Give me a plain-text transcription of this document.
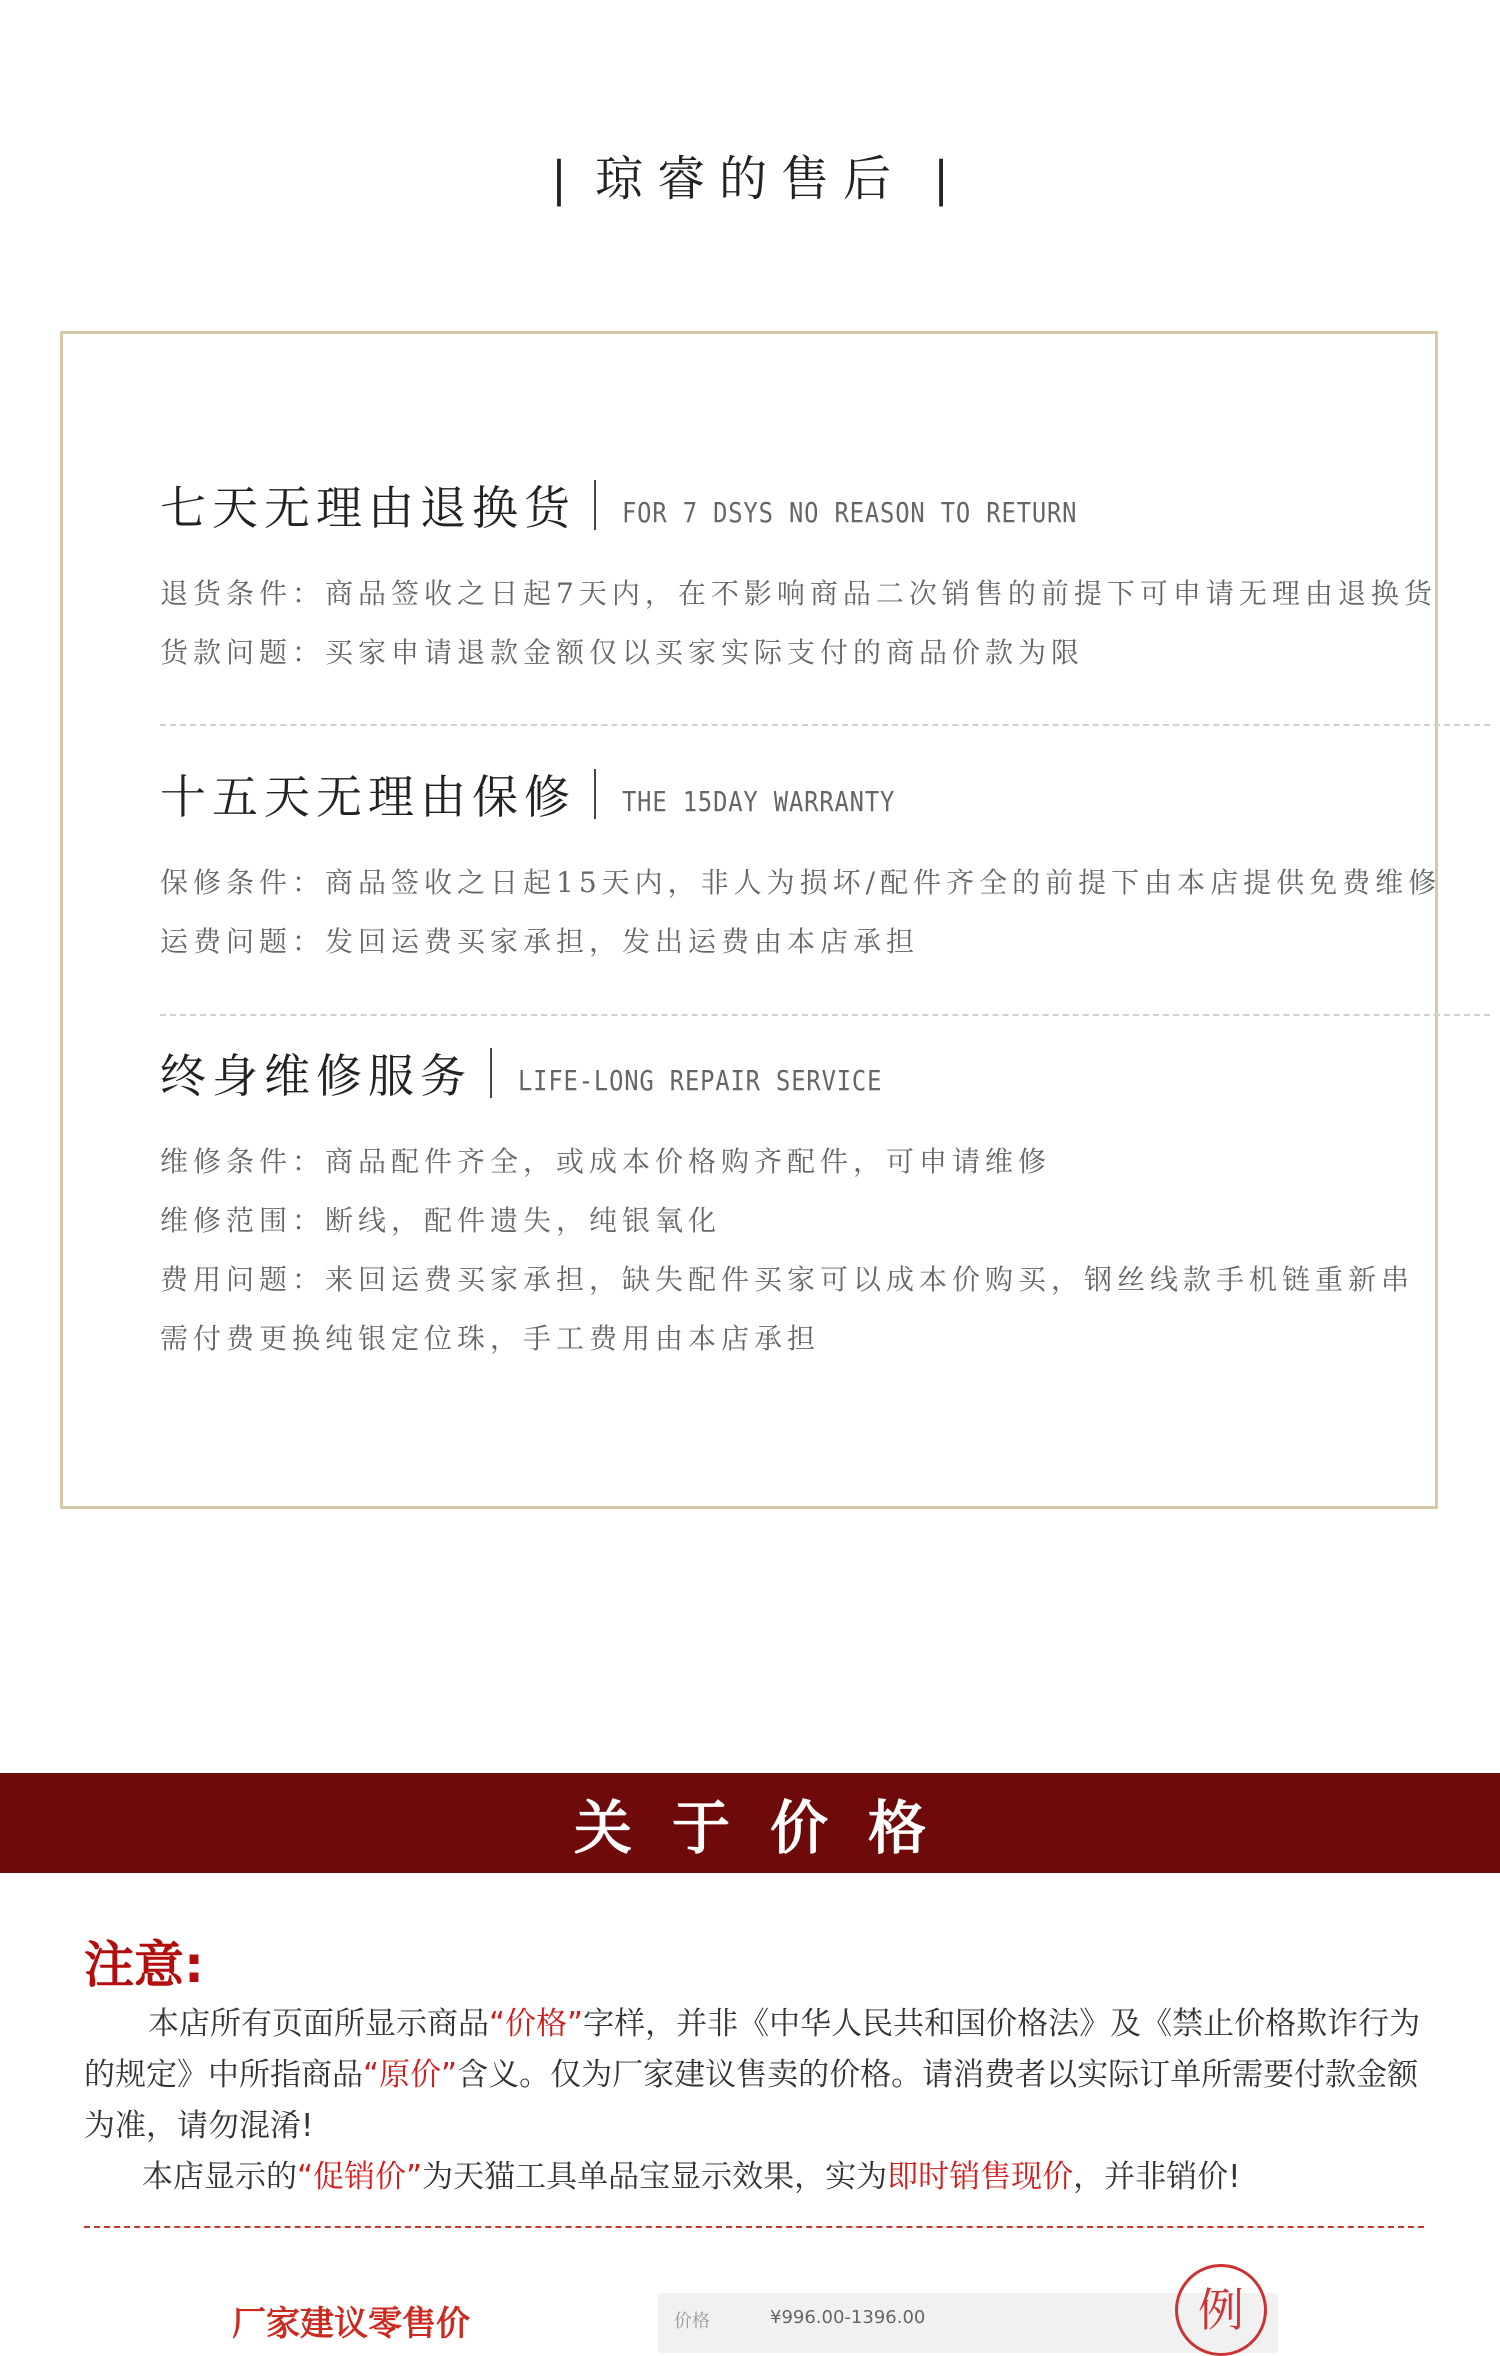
| 琼睿的售后 |
七天无理由退换货 FOR 7 DSYS NO REASON TO RETURN
退货条件：商品签收之日起7天内，在不影响商品二次销售的前提下可申请无理由退换货
货款问题：买家申请退款金额仅以买家实际支付的商品价款为限
十五天无理由保修 THE 15DAY WARRANTY
保修条件：商品签收之日起15天内，非人为损坏/配件齐全的前提下由本店提供免费维修
运费问题：发回运费买家承担，发出运费由本店承担
终身维修服务 LIFE-LONG REPAIR SERVICE
维修条件：商品配件齐全，或成本价格购齐配件，可申请维修
维修范围：断线，配件遗失，纯银氧化
费用问题：来回运费买家承担，缺失配件买家可以成本价购买，钢丝线款手机链重新串
需付费更换纯银定位珠，手工费用由本店承担
关于价格
注意:
本店所有页面所显示商品“价格”字样，并非《中华人民共和国价格法》及《禁止价格欺诈行为的规定》中所指商品“原价”含义。仅为厂家建议售卖的价格。请消费者以实际订单所需要付款金额为准，请勿混淆!
本店显示的“促销价”为天猫工具单品宝显示效果，实为即时销售现价，并非销价!
厂家建议零售价	价格	¥996.00-1396.00	例
